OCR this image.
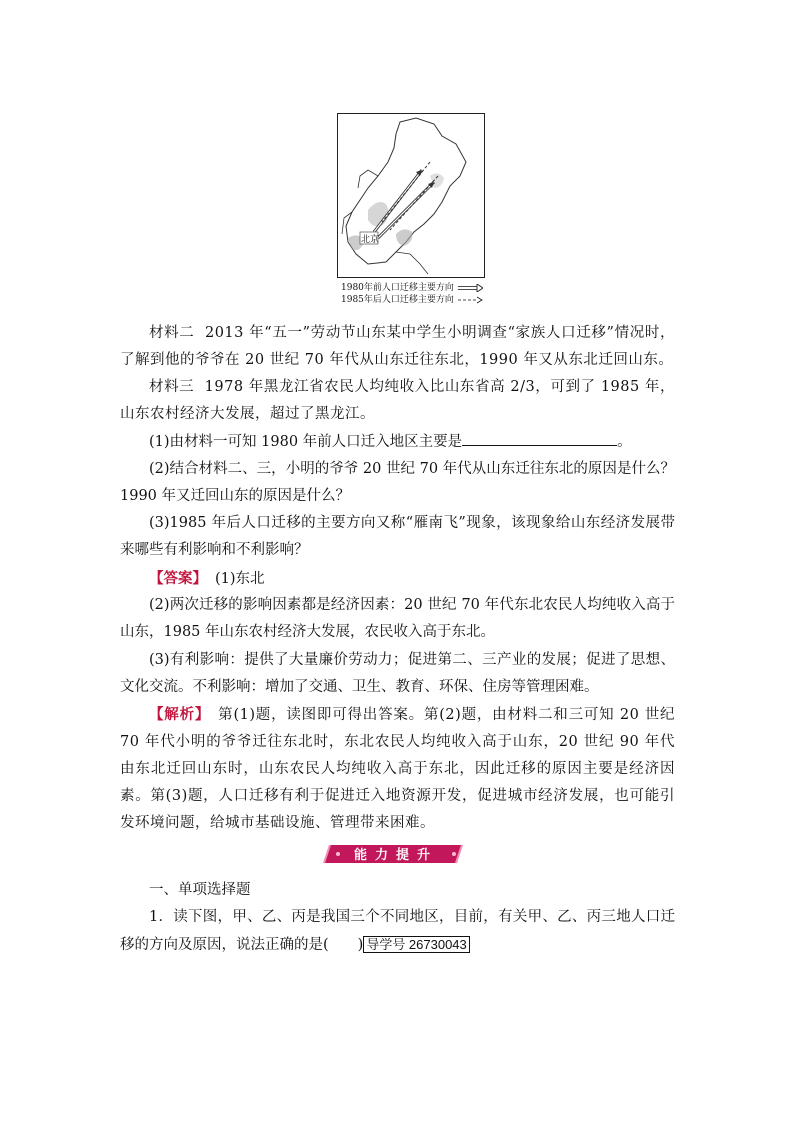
北京
1980年前人口迁移主要方向
1985年后人口迁移主要方向

材料二 2013 年“五一”劳动节山东某中学生小明调查“家族人口迁移”情况时，了解到他的爷爷在 20 世纪 70 年代从山东迁往东北，1990 年又从东北迁回山东。

材料三 1978 年黑龙江省农民人均纯收入比山东省高 2/3，可到了 1985 年，山东农村经济大发展，超过了黑龙江。

(1)由材料一可知 1980 年前人口迁入地区主要是	。

(2)结合材料二、三，小明的爷爷 20 世纪 70 年代从山东迁往东北的原因是什么？1990 年又迁回山东的原因是什么？

(3)1985 年后人口迁移的主要方向又称“雁南飞”现象，该现象给山东经济发展带来哪些有利影响和不利影响？

【答案】 (1)东北

(2)两次迁移的影响因素都是经济因素：20 世纪 70 年代东北农民人均纯收入高于山东，1985 年山东农村经济大发展，农民收入高于东北。

(3)有利影响：提供了大量廉价劳动力；促进第二、三产业的发展；促进了思想、文化交流。不利影响：增加了交通、卫生、教育、环保、住房等管理困难。

【解析】 第(1)题，读图即可得出答案。第(2)题，由材料二和三可知 20 世纪 70 年代小明的爷爷迁往东北时，东北农民人均纯收入高于山东，20 世纪 90 年代由东北迁回山东时，山东农民人均纯收入高于东北，因此迁移的原因主要是经济因素。第(3)题，人口迁移有利于促进迁入地资源开发，促进城市经济发展，也可能引发环境问题，给城市基础设施、管理带来困难。

能力提升

一、单项选择题

1．读下图，甲、乙、丙是我国三个不同地区，目前，有关甲、乙、丙三地人口迁移的方向及原因，说法正确的是(　　) 导学号 26730043
